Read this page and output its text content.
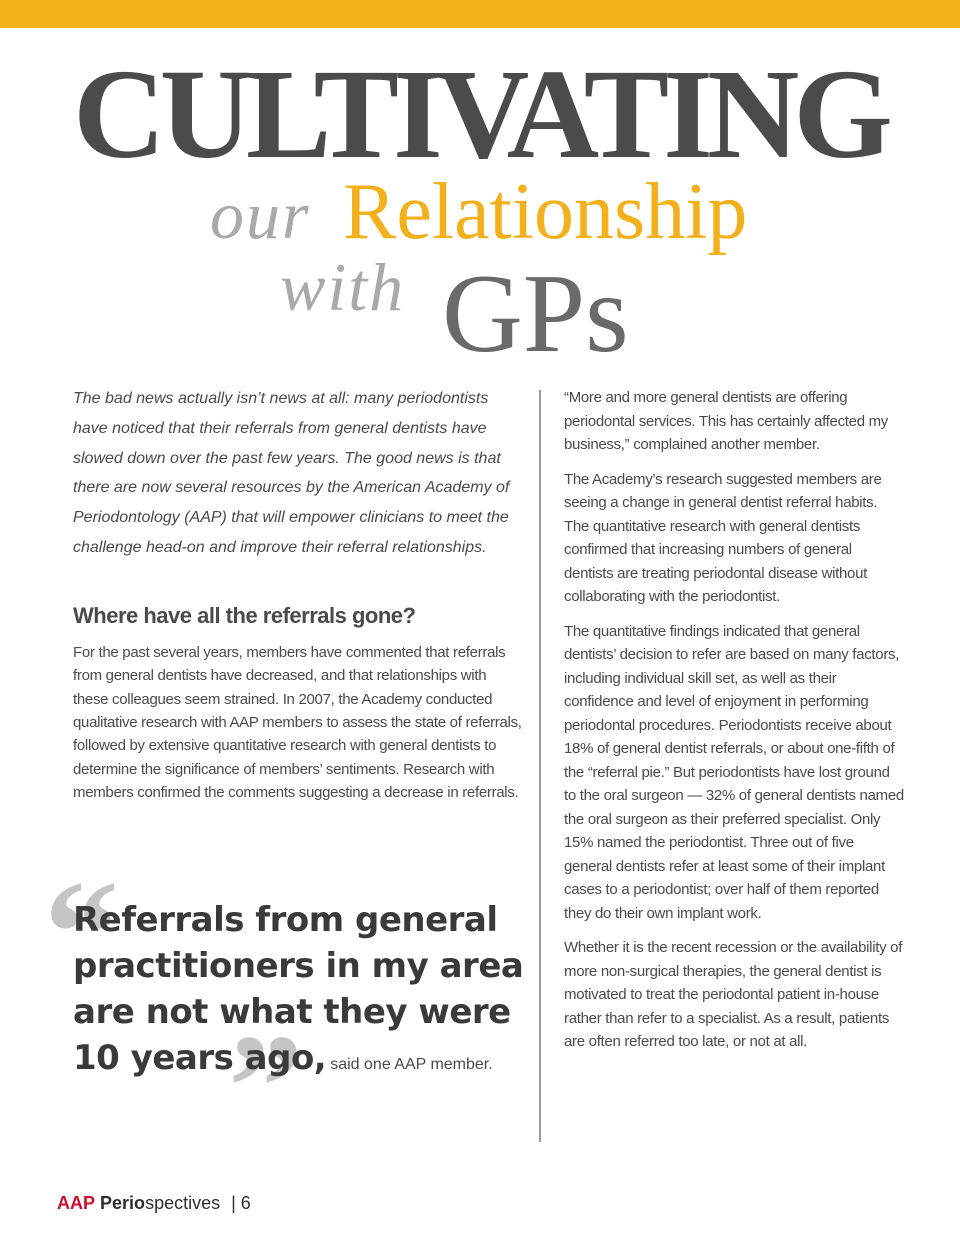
CULTIVATING
our Relationship
with GPs

The bad news actually isn’t news at all: many periodontists have noticed that their referrals from general dentists have slowed down over the past few years. The good news is that there are now several resources by the American Academy of Periodontology (AAP) that will empower clinicians to meet the challenge head-on and improve their referral relationships.

Where have all the referrals gone?

For the past several years, members have commented that referrals from general dentists have decreased, and that relationships with these colleagues seem strained. In 2007, the Academy conducted qualitative research with AAP members to assess the state of referrals, followed by extensive quantitative research with general dentists to determine the significance of members’ sentiments. Research with members confirmed the comments suggesting a decrease in referrals.

“
”
Referrals from general practitioners in my area are not what they were 10 years ago, said one AAP member.

“More and more general dentists are offering periodontal services. This has certainly affected my business,” complained another member.

The Academy’s research suggested members are seeing a change in general dentist referral habits. The quantitative research with general dentists confirmed that increasing numbers of general dentists are treating periodontal disease without collaborating with the periodontist.

The quantitative findings indicated that general dentists’ decision to refer are based on many factors, including individual skill set, as well as their confidence and level of enjoyment in performing periodontal procedures. Periodontists receive about 18% of general dentist referrals, or about one-fifth of the “referral pie.” But periodontists have lost ground to the oral surgeon — 32% of general dentists named the oral surgeon as their preferred specialist. Only 15% named the periodontist. Three out of five general dentists refer at least some of their implant cases to a periodontist; over half of them reported they do their own implant work.

Whether it is the recent recession or the availability of more non-surgical therapies, the general dentist is motivated to treat the periodontal patient in-house rather than refer to a specialist. As a result, patients are often referred too late, or not at all.

AAP Periospectives | 6
